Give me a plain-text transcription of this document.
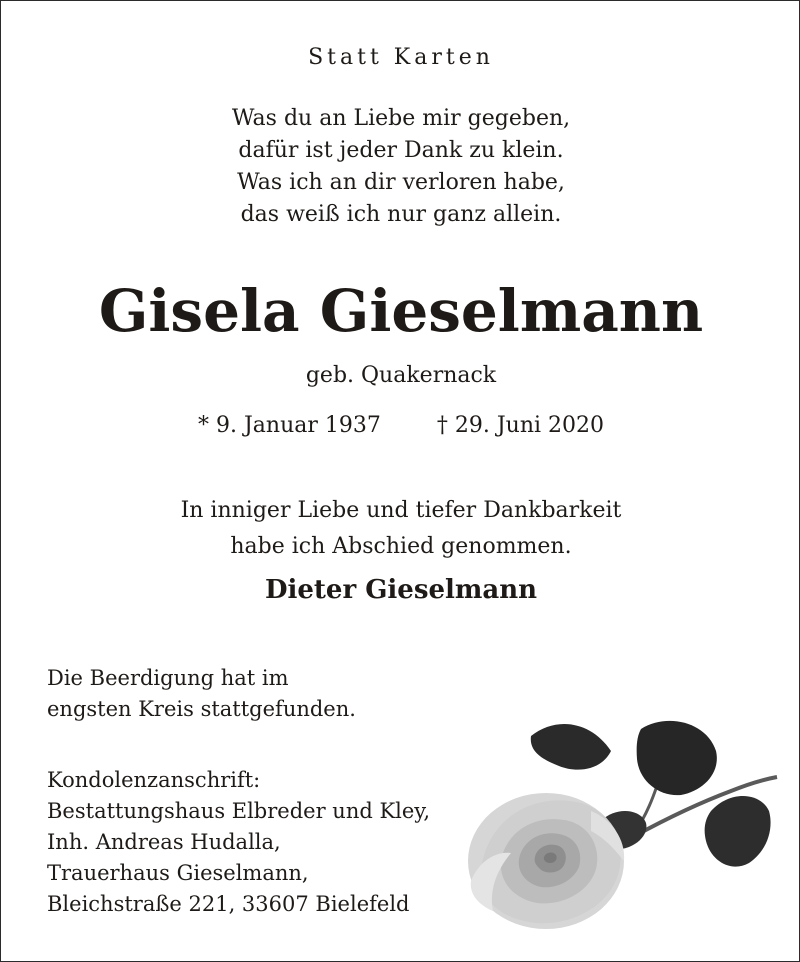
Statt Karten
Was du an Liebe mir gegeben,
dafür ist jeder Dank zu klein.
Was ich an dir verloren habe,
das weiß ich nur ganz allein.
Gisela Gieselmann
geb. Quakernack
* 9. Januar 1937	† 29. Juni 2020
In inniger Liebe und tiefer Dankbarkeit
habe ich Abschied genommen.
Dieter Gieselmann
Die Beerdigung hat im
engsten Kreis stattgefunden.
Kondolenzanschrift:
Bestattungshaus Elbreder und Kley,
Inh. Andreas Hudalla,
Trauerhaus Gieselmann,
Bleichstraße 221, 33607 Bielefeld
